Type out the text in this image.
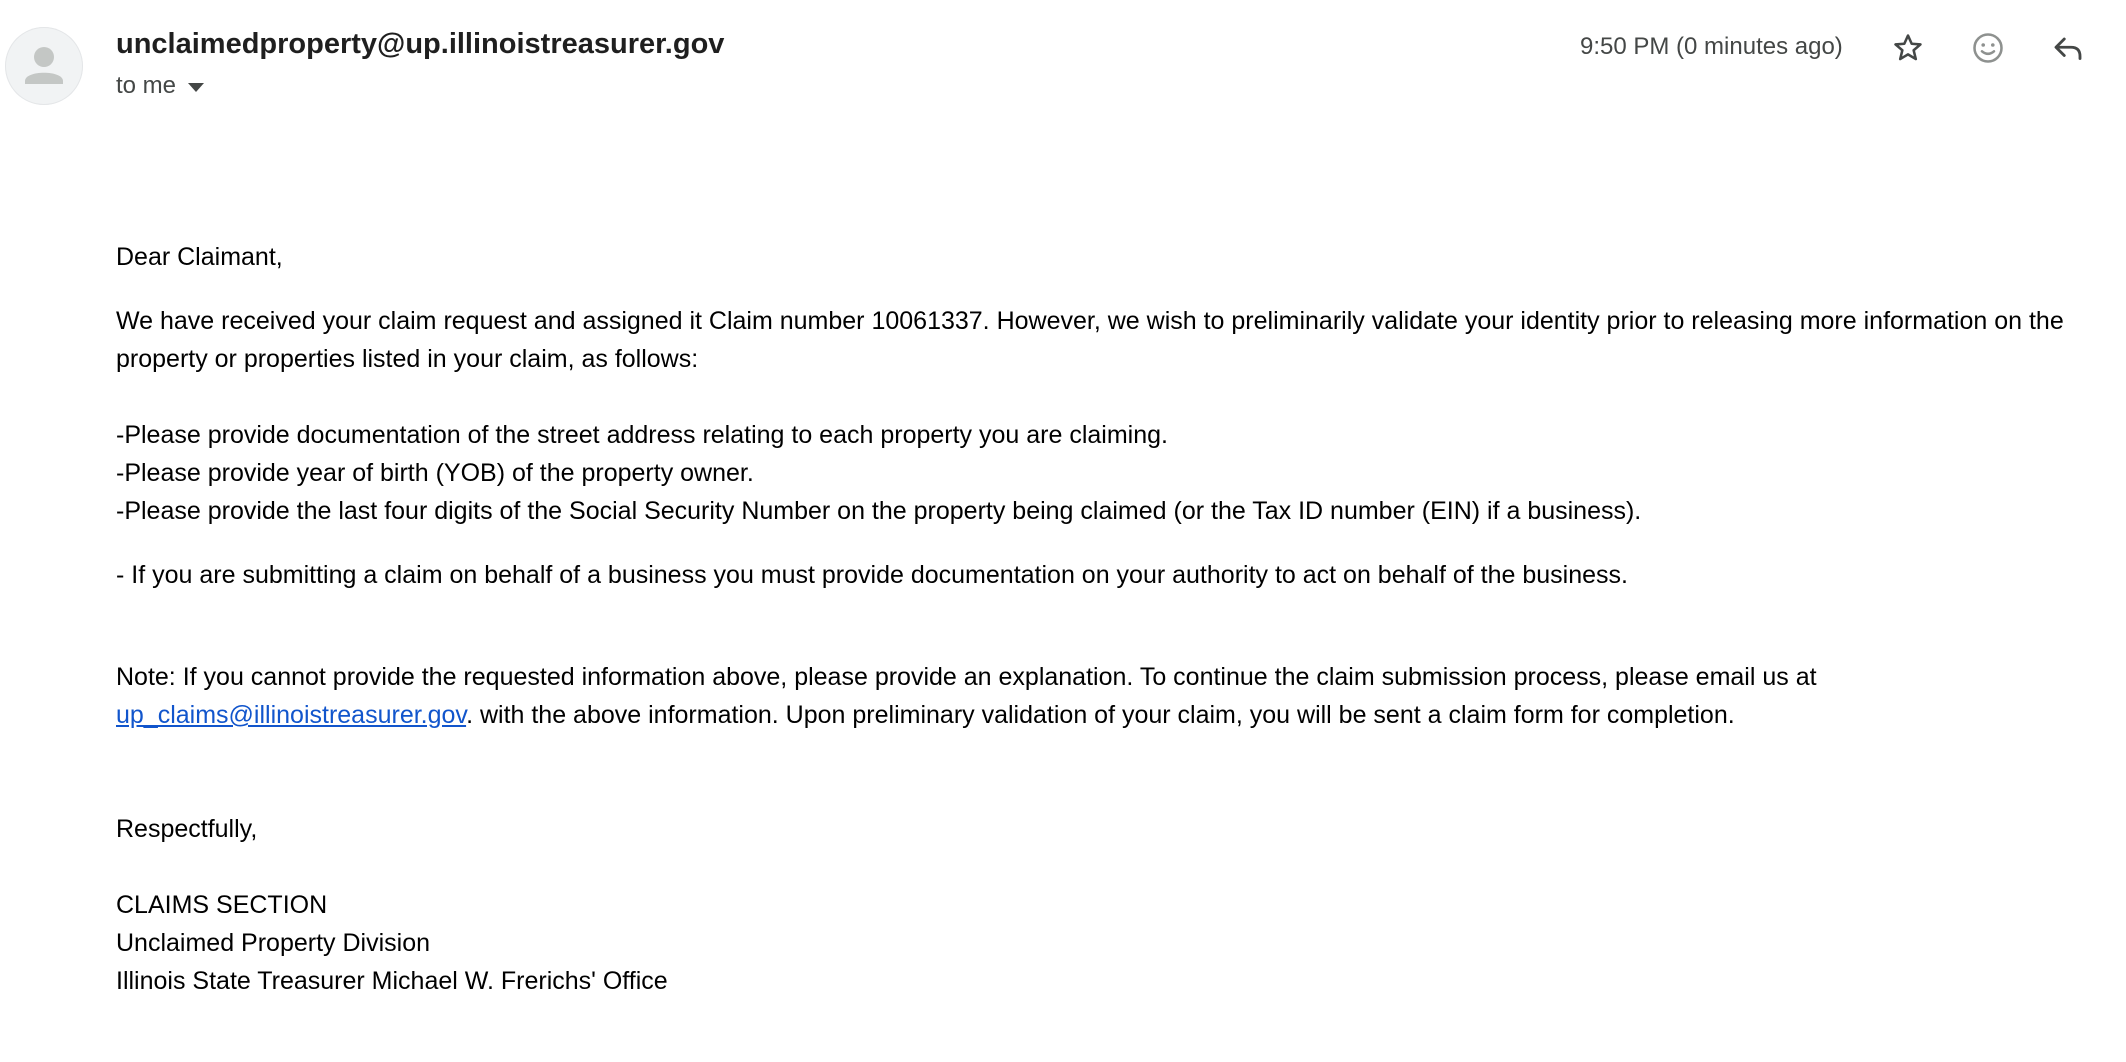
unclaimedproperty@up.illinoistreasurer.gov
to me
9:50 PM (0 minutes ago)
Dear Claimant,
We have received your claim request and assigned it Claim number 10061337. However, we wish to preliminarily validate your identity prior to releasing more information on the
property or properties listed in your claim, as follows:
-Please provide documentation of the street address relating to each property you are claiming.
-Please provide year of birth (YOB) of the property owner.
-Please provide the last four digits of the Social Security Number on the property being claimed (or the Tax ID number (EIN) if a business).
- If you are submitting a claim on behalf of a business you must provide documentation on your authority to act on behalf of the business.
Note: If you cannot provide the requested information above, please provide an explanation. To continue the claim submission process, please email us at
up_claims@illinoistreasurer.gov. with the above information. Upon preliminary validation of your claim, you will be sent a claim form for completion.
Respectfully,
CLAIMS SECTION
Unclaimed Property Division
Illinois State Treasurer Michael W. Frerichs' Office
